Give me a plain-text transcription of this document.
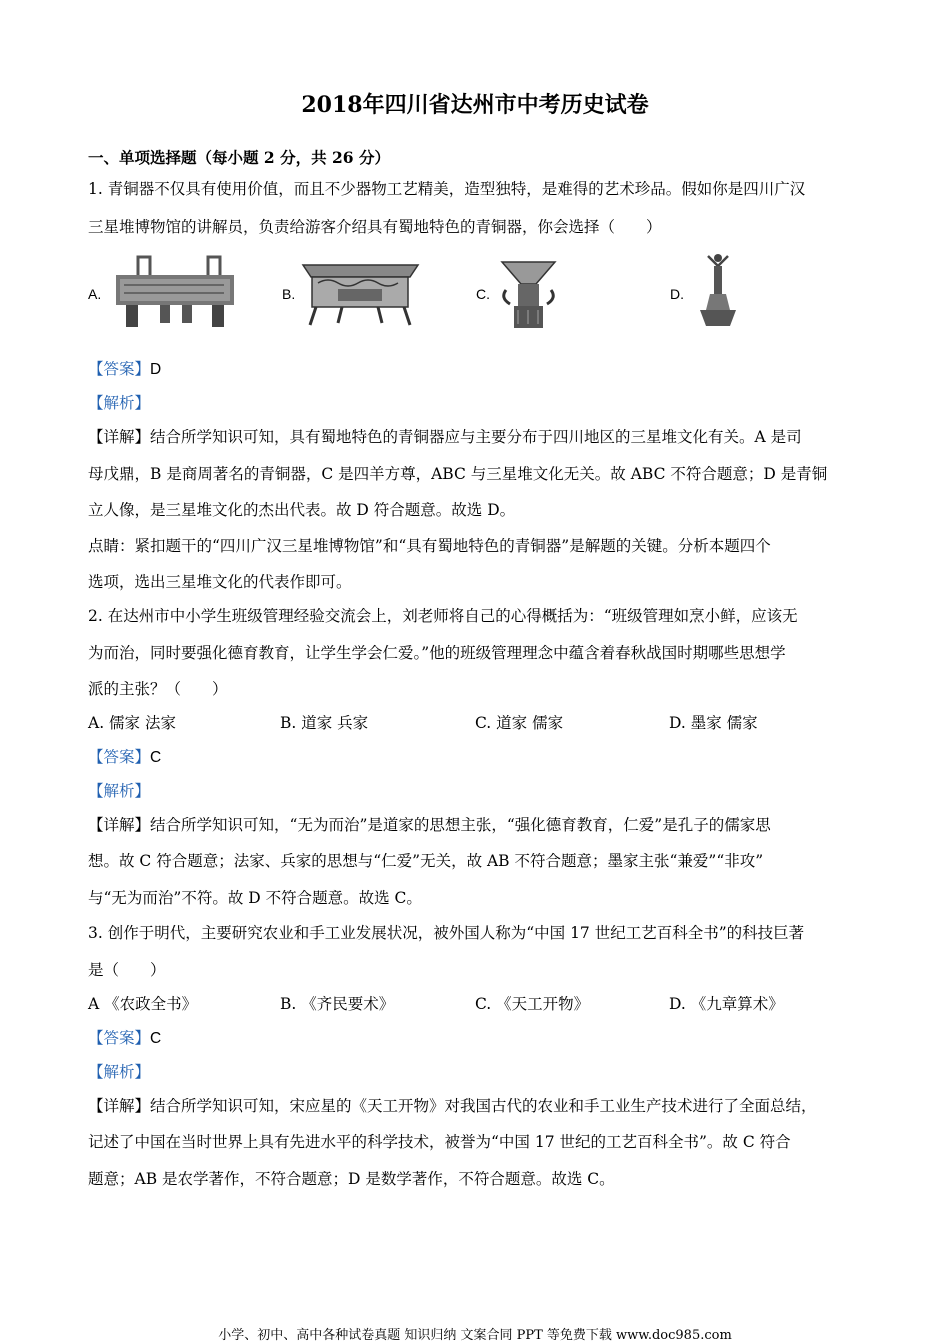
2018年四川省达州市中考历史试卷
一、单项选择题（每小题 2 分，共 26 分）
1. 青铜器不仅具有使用价值，而且不少器物工艺精美，造型独特，是难得的艺术珍品。假如你是四川广汉
三星堆博物馆的讲解员，负责给游客介绍具有蜀地特色的青铜器，你会选择（　　）
A.	B.	C.	D.
【答案】D
【解析】
【详解】结合所学知识可知，具有蜀地特色的青铜器应与主要分布于四川地区的三星堆文化有关。A 是司
母戊鼎，B 是商周著名的青铜器，C 是四羊方尊，ABC 与三星堆文化无关。故 ABC 不符合题意；D 是青铜
立人像，是三星堆文化的杰出代表。故 D 符合题意。故选 D。
点睛：紧扣题干的“四川广汉三星堆博物馆”和“具有蜀地特色的青铜器”是解题的关键。分析本题四个
选项，选出三星堆文化的代表作即可。
2. 在达州市中小学生班级管理经验交流会上，刘老师将自己的心得概括为：“班级管理如烹小鲜，应该无
为而治，同时要强化德育教育，让学生学会仁爱。”他的班级管理理念中蕴含着春秋战国时期哪些思想学
派的主张？（　　）
A. 儒家 法家	B. 道家 兵家	C. 道家 儒家	D. 墨家 儒家
【答案】C
【解析】
【详解】结合所学知识可知，“无为而治”是道家的思想主张，“强化德育教育，仁爱”是孔子的儒家思
想。故 C 符合题意；法家、兵家的思想与“仁爱”无关，故 AB 不符合题意；墨家主张“兼爱”“非攻”
与“无为而治”不符。故 D 不符合题意。故选 C。
3. 创作于明代，主要研究农业和手工业发展状况，被外国人称为“中国 17 世纪工艺百科全书”的科技巨著
是（　　）
A 《农政全书》	B. 《齐民要术》	C. 《天工开物》	D. 《九章算术》
【答案】C
【解析】
【详解】结合所学知识可知，宋应星的《天工开物》对我国古代的农业和手工业生产技术进行了全面总结，
记述了中国在当时世界上具有先进水平的科学技术，被誉为“中国 17 世纪的工艺百科全书”。故 C 符合
题意；AB 是农学著作，不符合题意；D 是数学著作，不符合题意。故选 C。
小学、初中、高中各种试卷真题 知识归纳 文案合同 PPT 等免费下载 www.doc985.com
